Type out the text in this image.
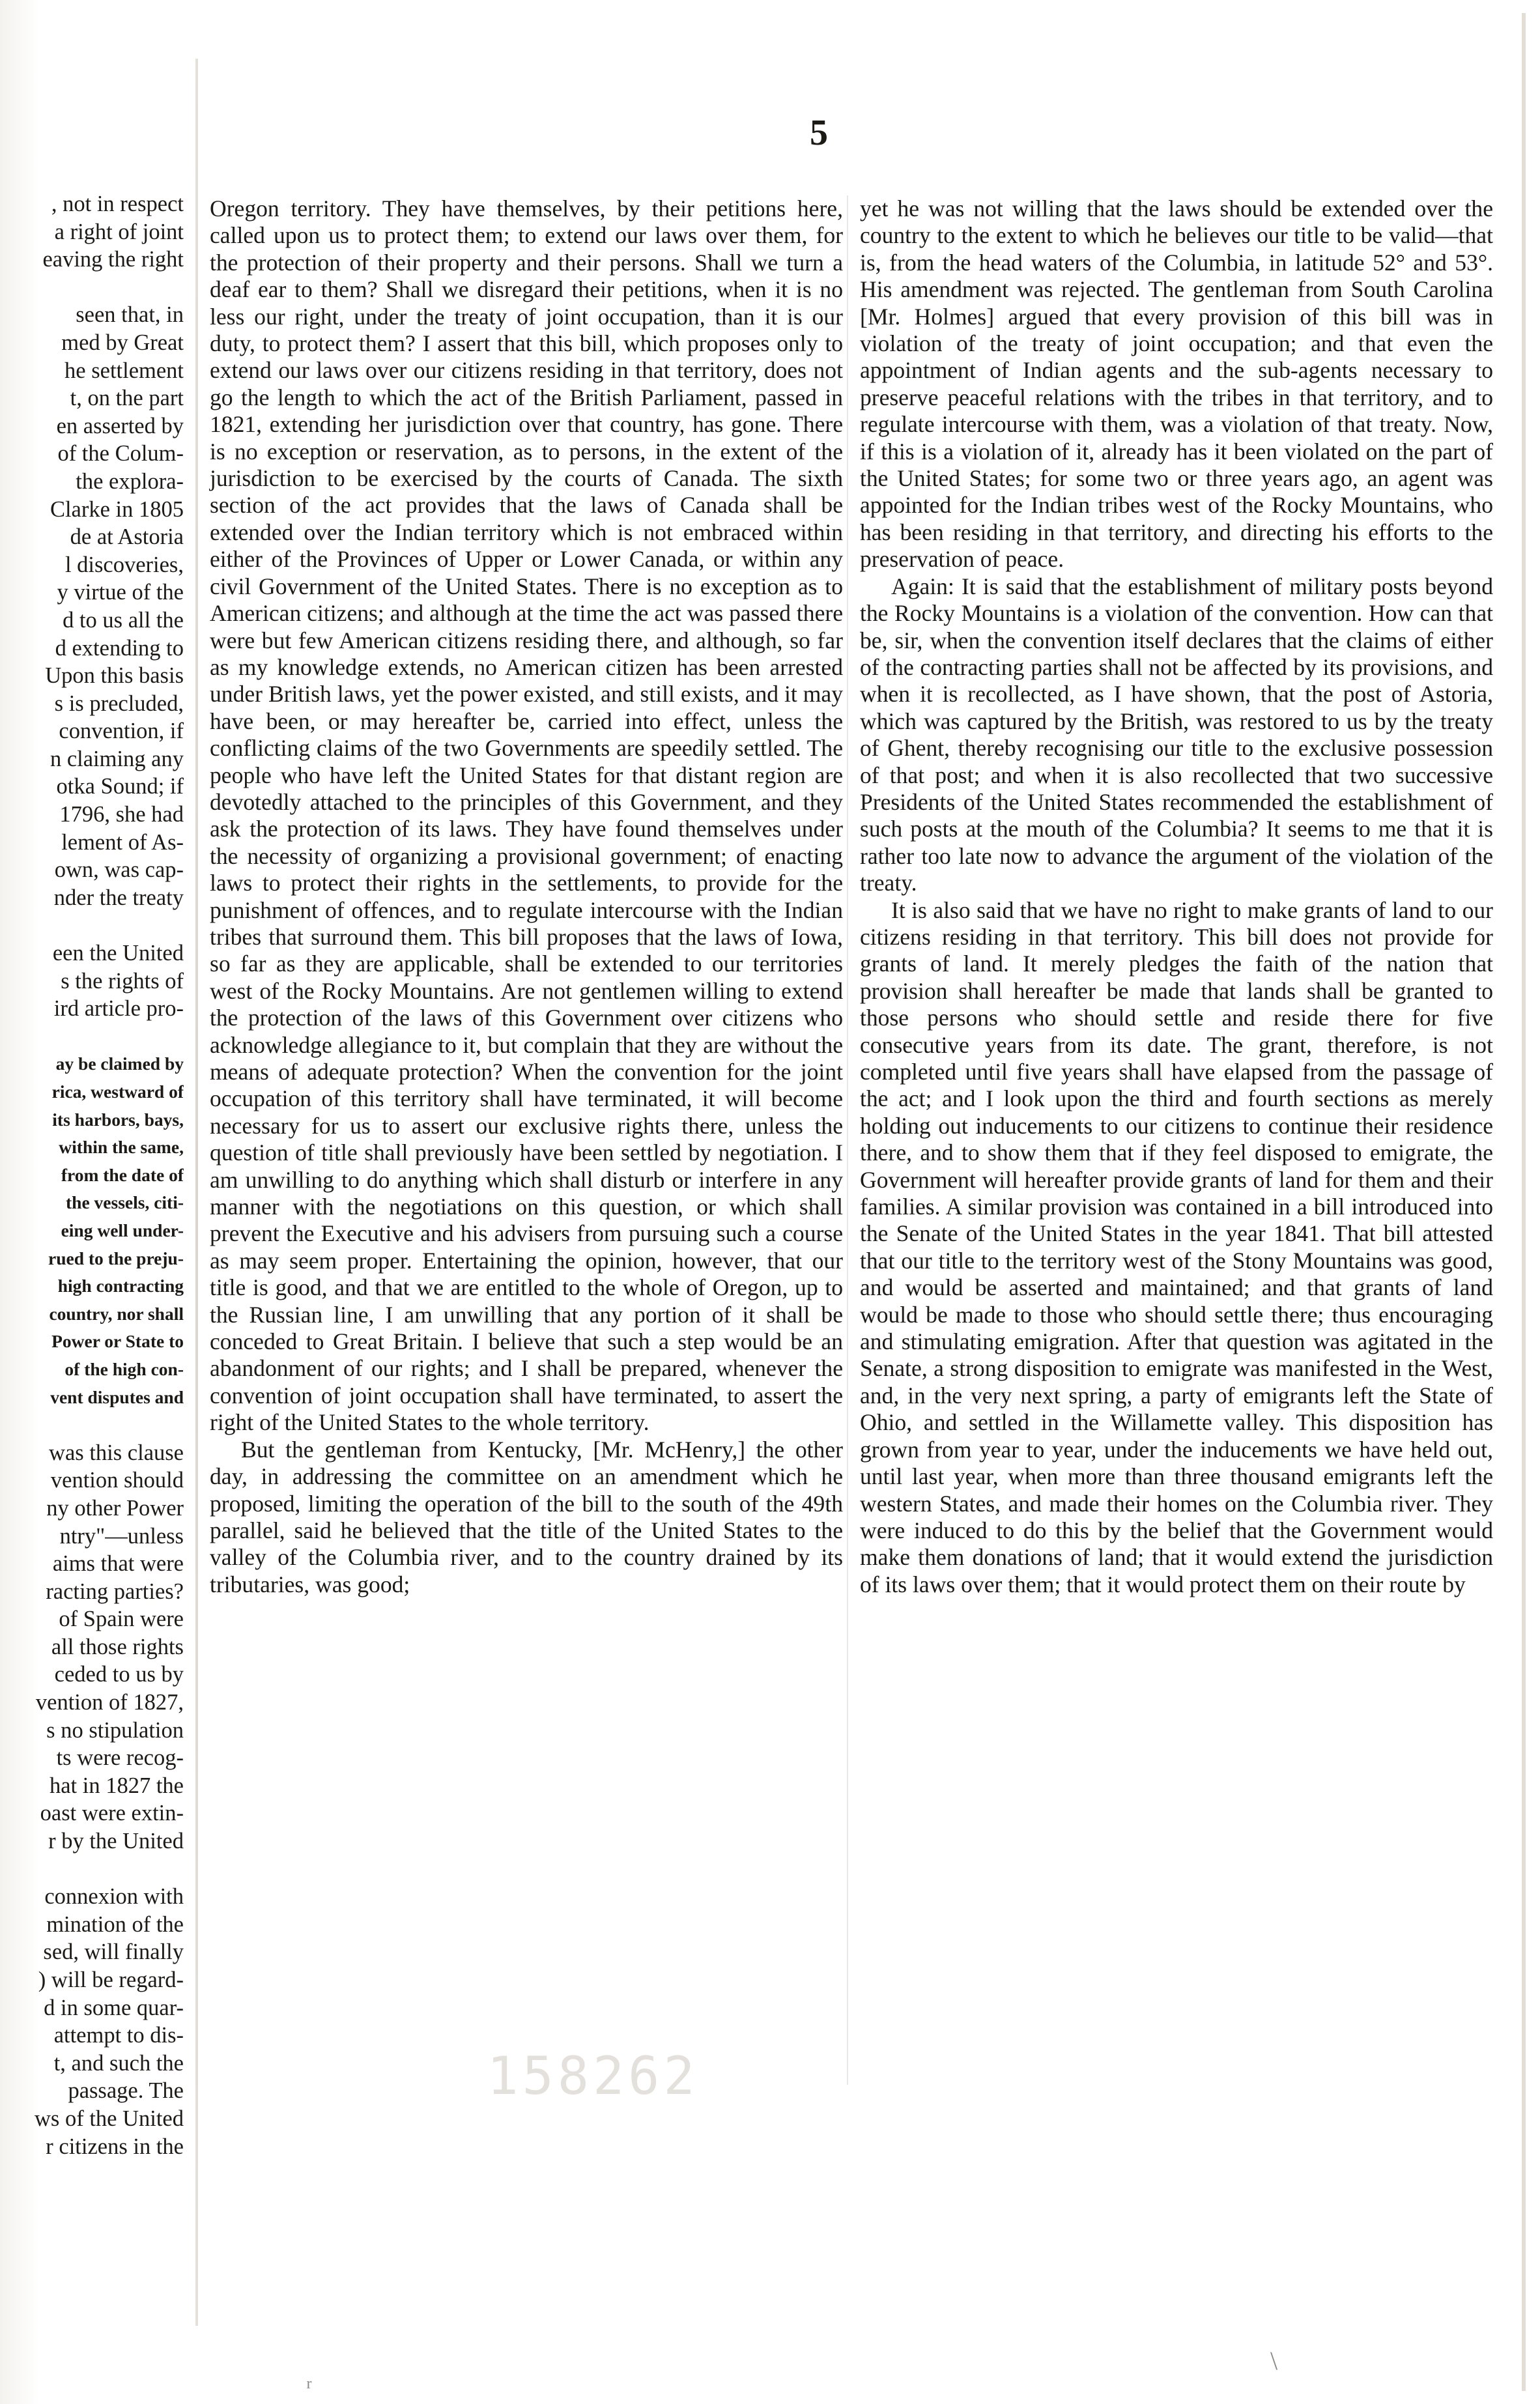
, not in respect
a right of joint
eaving the right
seen that, in
med by Great
he settlement
t, on the part
en asserted by
of the Colum-
the explora-
Clarke in 1805
de at Astoria
l discoveries,
y virtue of the
d to us all the
d extending to
Upon this basis
s is precluded,
convention, if
n claiming any
otka Sound; if
1796, she had
lement of As-
own, was cap-
nder the treaty
een the United
s the rights of
ird article pro-
ay be claimed by
rica, westward of
its harbors, bays,
within the same,
from the date of
the vessels, citi-
eing well under-
rued to the preju-
high contracting
country, nor shall
Power or State to
of the high con-
vent disputes and
was this clause
vention should
ny other Power
ntry"—unless
aims that were
racting parties?
of Spain were
all those rights
ceded to us by
vention of 1827,
s no stipulation
ts were recog-
hat in 1827 the
oast were extin-
r by the United
connexion with
mination of the
sed, will finally
) will be regard-
d in some quar-
attempt to dis-
t, and such the
passage. The
ws of the United
r citizens in the
5

Oregon territory. They have themselves, by their petitions here, called upon us to protect them; to extend our laws over them, for the protection of their property and their persons. Shall we turn a deaf ear to them? Shall we disregard their petitions, when it is no less our right, under the treaty of joint occupation, than it is our duty, to protect them? I assert that this bill, which proposes only to extend our laws over our citizens residing in that territory, does not go the length to which the act of the British Parliament, passed in 1821, extending her jurisdiction over that country, has gone. There is no exception or reservation, as to persons, in the extent of the jurisdiction to be exercised by the courts of Canada. The sixth section of the act provides that the laws of Canada shall be extended over the Indian territory which is not embraced within either of the Provinces of Upper or Lower Canada, or within any civil Government of the United States. There is no exception as to American citizens; and although at the time the act was passed there were but few American citizens residing there, and although, so far as my knowledge extends, no American citizen has been arrested under British laws, yet the power existed, and still exists, and it may have been, or may hereafter be, carried into effect, unless the conflicting claims of the two Governments are speedily settled. The people who have left the United States for that distant region are devotedly attached to the principles of this Government, and they ask the protection of its laws. They have found themselves under the necessity of organizing a provisional government; of enacting laws to protect their rights in the settlements, to provide for the punishment of offences, and to regulate intercourse with the Indian tribes that surround them. This bill proposes that the laws of Iowa, so far as they are applicable, shall be extended to our territories west of the Rocky Mountains. Are not gentlemen willing to extend the protection of the laws of this Government over citizens who acknowledge allegiance to it, but complain that they are without the means of adequate protection? When the convention for the joint occupation of this territory shall have terminated, it will become necessary for us to assert our exclusive rights there, unless the question of title shall previously have been settled by negotiation. I am unwilling to do anything which shall disturb or interfere in any manner with the negotiations on this question, or which shall prevent the Executive and his advisers from pursuing such a course as may seem proper. Entertaining the opinion, however, that our title is good, and that we are entitled to the whole of Oregon, up to the Russian line, I am unwilling that any portion of it shall be conceded to Great Britain. I believe that such a step would be an abandonment of our rights; and I shall be prepared, whenever the convention of joint occupation shall have terminated, to assert the right of the United States to the whole territory.

But the gentleman from Kentucky, [Mr. McHenry,] the other day, in addressing the committee on an amendment which he proposed, limiting the operation of the bill to the south of the 49th parallel, said he believed that the title of the United States to the valley of the Columbia river, and to the country drained by its tributaries, was good;

yet he was not willing that the laws should be extended over the country to the extent to which he believes our title to be valid—that is, from the head waters of the Columbia, in latitude 52° and 53°. His amendment was rejected. The gentleman from South Carolina [Mr. Holmes] argued that every provision of this bill was in violation of the treaty of joint occupation; and that even the appointment of Indian agents and the sub-agents necessary to preserve peaceful relations with the tribes in that territory, and to regulate intercourse with them, was a violation of that treaty. Now, if this is a violation of it, already has it been violated on the part of the United States; for some two or three years ago, an agent was appointed for the Indian tribes west of the Rocky Mountains, who has been residing in that territory, and directing his efforts to the preservation of peace.

Again: It is said that the establishment of military posts beyond the Rocky Mountains is a violation of the convention. How can that be, sir, when the convention itself declares that the claims of either of the contracting parties shall not be affected by its provisions, and when it is recollected, as I have shown, that the post of Astoria, which was captured by the British, was restored to us by the treaty of Ghent, thereby recognising our title to the exclusive possession of that post; and when it is also recollected that two successive Presidents of the United States recommended the establishment of such posts at the mouth of the Columbia? It seems to me that it is rather too late now to advance the argument of the violation of the treaty.

It is also said that we have no right to make grants of land to our citizens residing in that territory. This bill does not provide for grants of land. It merely pledges the faith of the nation that provision shall hereafter be made that lands shall be granted to those persons who should settle and reside there for five consecutive years from its date. The grant, therefore, is not completed until five years shall have elapsed from the passage of the act; and I look upon the third and fourth sections as merely holding out inducements to our citizens to continue their residence there, and to show them that if they feel disposed to emigrate, the Government will hereafter provide grants of land for them and their families. A similar provision was contained in a bill introduced into the Senate of the United States in the year 1841. That bill attested that our title to the territory west of the Stony Mountains was good, and would be asserted and maintained; and that grants of land would be made to those who should settle there; thus encouraging and stimulating emigration. After that question was agitated in the Senate, a strong disposition to emigrate was manifested in the West, and, in the very next spring, a party of emigrants left the State of Ohio, and settled in the Willamette valley. This disposition has grown from year to year, under the inducements we have held out, until last year, when more than three thousand emigrants left the western States, and made their homes on the Columbia river. They were induced to do this by the belief that the Government would make them donations of land; that it would extend the jurisdiction of its laws over them; that it would protect them on their route by

158262
ʳ
\
